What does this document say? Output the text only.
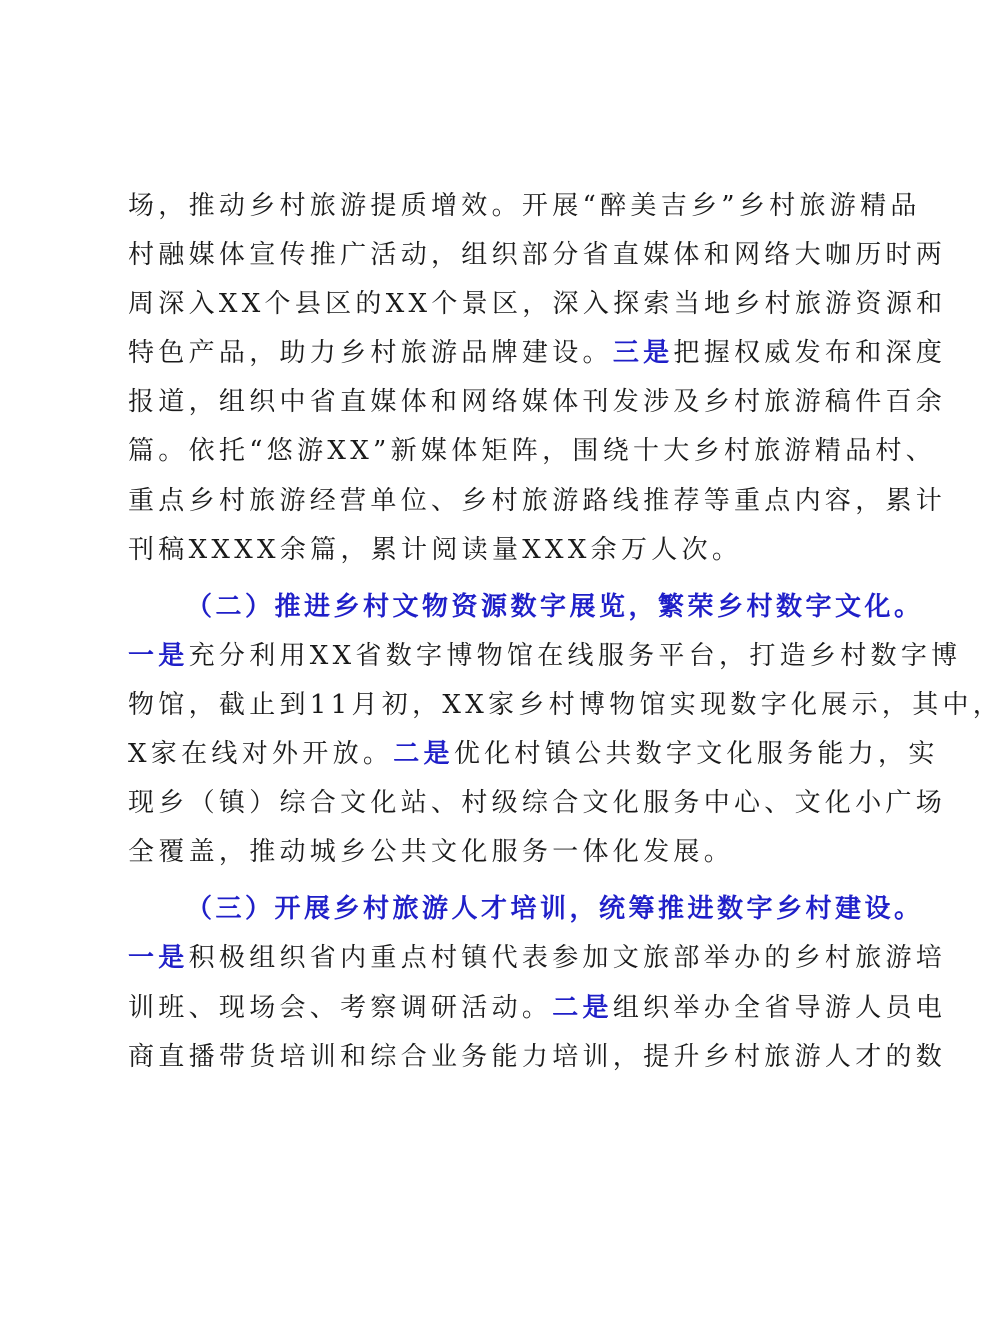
场，推动乡村旅游提质增效。开展“醉美吉乡”乡村旅游精品
村融媒体宣传推广活动，组织部分省直媒体和网络大咖历时两
周深入XX个县区的XX个景区，深入探索当地乡村旅游资源和
特色产品，助力乡村旅游品牌建设。三是把握权威发布和深度
报道，组织中省直媒体和网络媒体刊发涉及乡村旅游稿件百余
篇。依托“悠游XX”新媒体矩阵，围绕十大乡村旅游精品村、
重点乡村旅游经营单位、乡村旅游路线推荐等重点内容，累计
刊稿XXXX余篇，累计阅读量XXX余万人次。
（二）推进乡村文物资源数字展览，繁荣乡村数字文化。
一是充分利用XX省数字博物馆在线服务平台，打造乡村数字博
物馆，截止到11月初，XX家乡村博物馆实现数字化展示，其中，
X家在线对外开放。二是优化村镇公共数字文化服务能力，实
现乡（镇）综合文化站、村级综合文化服务中心、文化小广场
全覆盖，推动城乡公共文化服务一体化发展。
（三）开展乡村旅游人才培训，统筹推进数字乡村建设。
一是积极组织省内重点村镇代表参加文旅部举办的乡村旅游培
训班、现场会、考察调研活动。二是组织举办全省导游人员电
商直播带货培训和综合业务能力培训，提升乡村旅游人才的数
